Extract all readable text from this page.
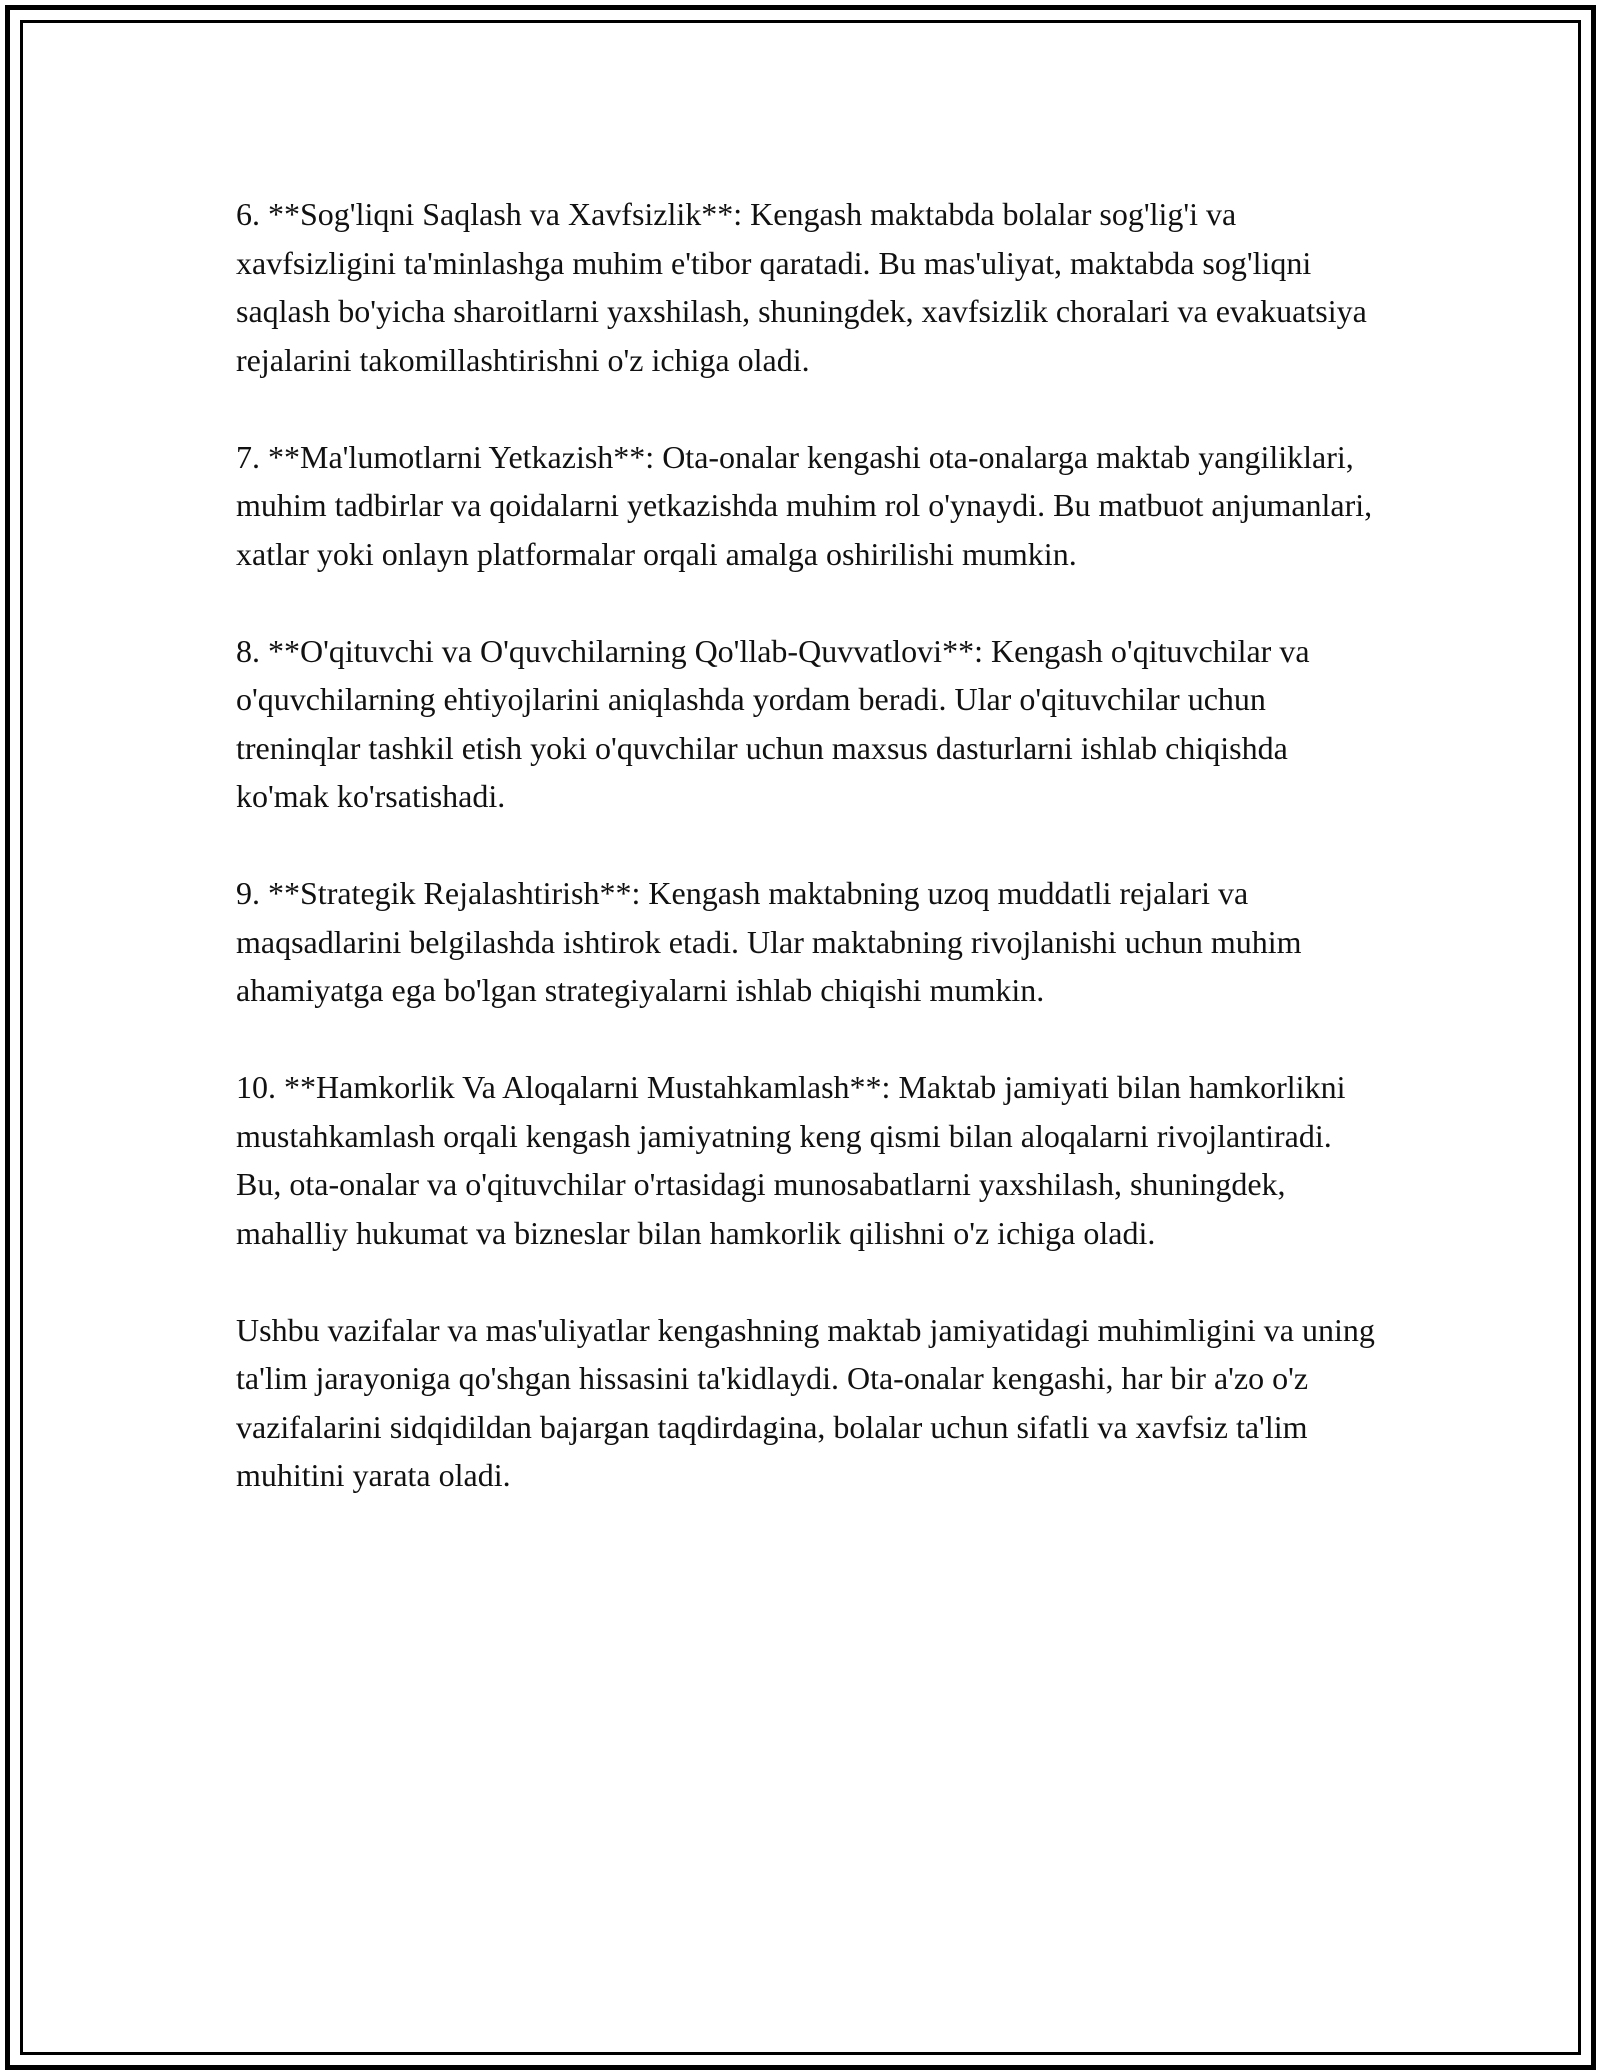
6. **Sog'liqni Saqlash va Xavfsizlik**: Kengash maktabda bolalar sog'lig'i va xavfsizligini ta'minlashga muhim e'tibor qaratadi. Bu mas'uliyat, maktabda sog'liqni saqlash bo'yicha sharoitlarni yaxshilash, shuningdek, xavfsizlik choralari va evakuatsiya rejalarini takomillashtirishni o'z ichiga oladi.

7. **Ma'lumotlarni Yetkazish**: Ota-onalar kengashi ota-onalarga maktab yangiliklari, muhim tadbirlar va qoidalarni yetkazishda muhim rol o'ynaydi. Bu matbuot anjumanlari, xatlar yoki onlayn platformalar orqali amalga oshirilishi mumkin.

8. **O'qituvchi va O'quvchilarning Qo'llab-Quvvatlovi**: Kengash o'qituvchilar va o'quvchilarning ehtiyojlarini aniqlashda yordam beradi. Ular o'qituvchilar uchun treninqlar tashkil etish yoki o'quvchilar uchun maxsus dasturlarni ishlab chiqishda ko'mak ko'rsatishadi.

9. **Strategik Rejalashtirish**: Kengash maktabning uzoq muddatli rejalari va maqsadlarini belgilashda ishtirok etadi. Ular maktabning rivojlanishi uchun muhim ahamiyatga ega bo'lgan strategiyalarni ishlab chiqishi mumkin.

10. **Hamkorlik Va Aloqalarni Mustahkamlash**: Maktab jamiyati bilan hamkorlikni mustahkamlash orqali kengash jamiyatning keng qismi bilan aloqalarni rivojlantiradi. Bu, ota-onalar va o'qituvchilar o'rtasidagi munosabatlarni yaxshilash, shuningdek, mahalliy hukumat va bizneslar bilan hamkorlik qilishni o'z ichiga oladi.

Ushbu vazifalar va mas'uliyatlar kengashning maktab jamiyatidagi muhimligini va uning ta'lim jarayoniga qo'shgan hissasini ta'kidlaydi. Ota-onalar kengashi, har bir a'zo o'z vazifalarini sidqidildan bajargan taqdirdagina, bolalar uchun sifatli va xavfsiz ta'lim muhitini yarata oladi.
